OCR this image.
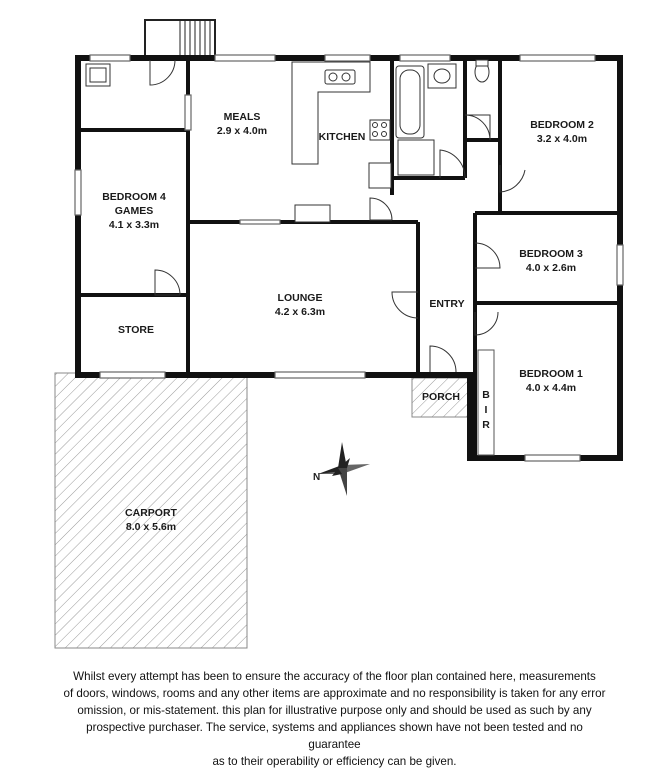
MEALS
2.9 x 4.0m	KITCHEN
BEDROOM 2
3.2 x 4.0m
BEDROOM 4
GAMES
4.1 x 3.3m
BEDROOM 3
4.0 x 2.6m
LOUNGE
4.2 x 6.3m
ENTRY
STORE
BEDROOM 1
4.0 x 4.4m
PORCH B
I
R
CARPORT
8.0 x 5.6m
N
Whilst every attempt has been to ensure the accuracy of the floor plan contained here, measurements
of doors, windows, rooms and any other items are approximate and no responsibility is taken for any error
omission, or mis-statement. this plan for illustrative purpose only and should be used as such by any
prospective purchaser. The service, systems and appliances shown have not been tested and no guarantee
as to their operability or efficiency can be given.
